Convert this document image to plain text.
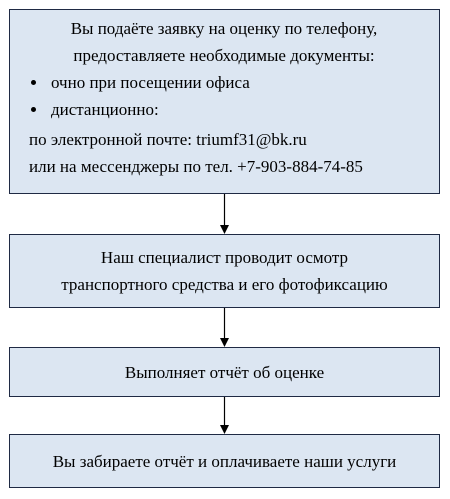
Вы подаёте заявку на оценку по телефону,
предоставляете необходимые документы:
очно при посещении офиса
дистанционно:
по электронной почте: triumf31@bk.ru
или на мессенджеры по тел. +7-903-884-74-85
Наш специалист проводит осмотр
транспортного средства и его фотофиксацию
Выполняет отчёт об оценке
Вы забираете отчёт и оплачиваете наши услуги
